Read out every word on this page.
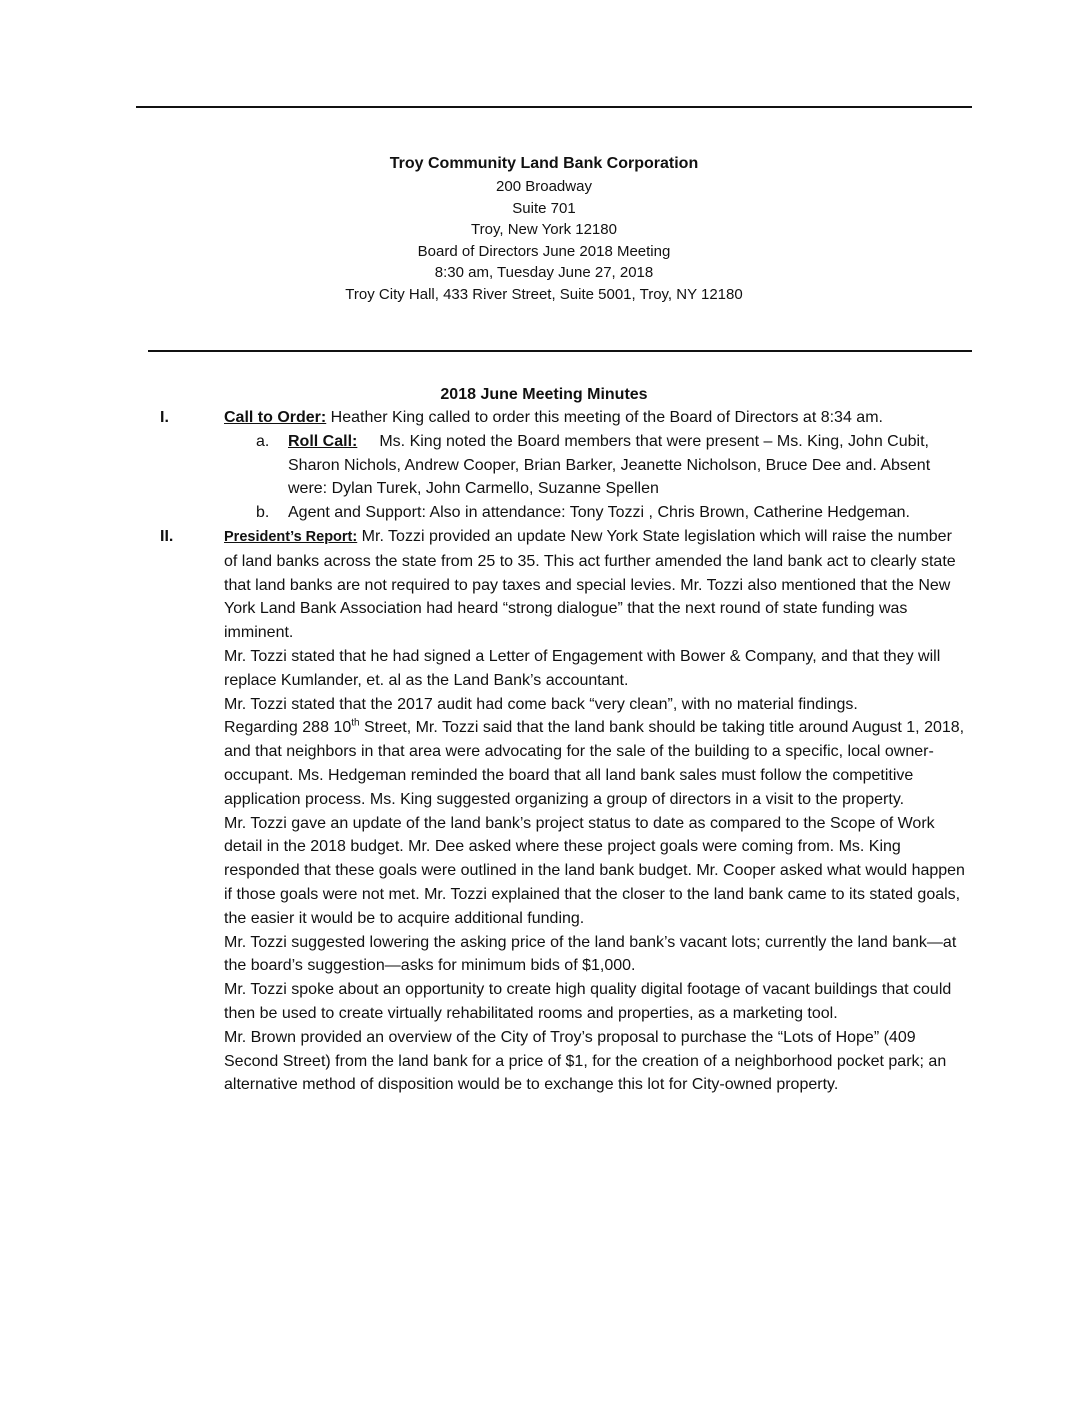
Troy Community Land Bank Corporation
200 Broadway
Suite 701
Troy, New York 12180
Board of Directors June 2018 Meeting
8:30 am, Tuesday June 27, 2018
Troy City Hall, 433 River Street, Suite 5001, Troy, NY 12180
2018 June Meeting Minutes
I.	Call to Order: Heather King called to order this meeting of the Board of Directors at 8:34 am.

a. Roll Call: Ms. King noted the Board members that were present – Ms. King, John Cubit, Sharon Nichols, Andrew Cooper, Brian Barker, Jeanette Nicholson, Bruce Dee and. Absent were: Dylan Turek, John Carmello, Suzanne Spellen

b. Agent and Support: Also in attendance: Tony Tozzi , Chris Brown, Catherine Hedgeman.

II.	President’s Report: Mr. Tozzi provided an update New York State legislation which will raise the number of land banks across the state from 25 to 35. This act further amended the land bank act to clearly state that land banks are not required to pay taxes and special levies. Mr. Tozzi also mentioned that the New York Land Bank Association had heard “strong dialogue” that the next round of state funding was imminent.

Mr. Tozzi stated that he had signed a Letter of Engagement with Bower & Company, and that they will replace Kumlander, et. al as the Land Bank’s accountant.

Mr. Tozzi stated that the 2017 audit had come back “very clean”, with no material findings.

Regarding 288 10th Street, Mr. Tozzi said that the land bank should be taking title around August 1, 2018, and that neighbors in that area were advocating for the sale of the building to a specific, local owner-occupant. Ms. Hedgeman reminded the board that all land bank sales must follow the competitive application process. Ms. King suggested organizing a group of directors in a visit to the property.

Mr. Tozzi gave an update of the land bank’s project status to date as compared to the Scope of Work detail in the 2018 budget. Mr. Dee asked where these project goals were coming from. Ms. King responded that these goals were outlined in the land bank budget. Mr. Cooper asked what would happen if those goals were not met. Mr. Tozzi explained that the closer to the land bank came to its stated goals, the easier it would be to acquire additional funding.

Mr. Tozzi suggested lowering the asking price of the land bank’s vacant lots; currently the land bank—at the board’s suggestion—asks for minimum bids of $1,000.

Mr. Tozzi spoke about an opportunity to create high quality digital footage of vacant buildings that could then be used to create virtually rehabilitated rooms and properties, as a marketing tool.

Mr. Brown provided an overview of the City of Troy’s proposal to purchase the “Lots of Hope” (409 Second Street) from the land bank for a price of $1, for the creation of a neighborhood pocket park; an alternative method of disposition would be to exchange this lot for City-owned property.
